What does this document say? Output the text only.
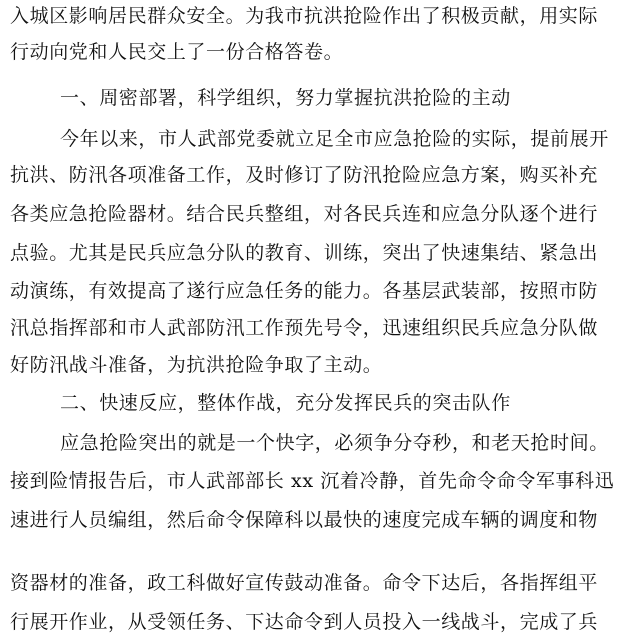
入城区影响居民群众安全。为我市抗洪抢险作出了积极贡献，用实际
行动向党和人民交上了一份合格答卷。
一、周密部署，科学组织，努力掌握抗洪抢险的主动
今年以来，市人武部党委就立足全市应急抢险的实际，提前展开
抗洪、防汛各项准备工作，及时修订了防汛抢险应急方案，购买补充
各类应急抢险器材。结合民兵整组，对各民兵连和应急分队逐个进行
点验。尤其是民兵应急分队的教育、训练，突出了快速集结、紧急出
动演练，有效提高了遂行应急任务的能力。各基层武装部，按照市防
汛总指挥部和市人武部防汛工作预先号令，迅速组织民兵应急分队做
好防汛战斗准备，为抗洪抢险争取了主动。
二、快速反应，整体作战，充分发挥民兵的突击队作
应急抢险突出的就是一个快字，必须争分夺秒，和老天抢时间。
接到险情报告后，市人武部部长 xx 沉着冷静，首先命令命令军事科迅
速进行人员编组，然后命令保障科以最快的速度完成车辆的调度和物
资器材的准备，政工科做好宣传鼓动准备。命令下达后，各指挥组平
行展开作业，从受领任务、下达命令到人员投入一线战斗，完成了兵
